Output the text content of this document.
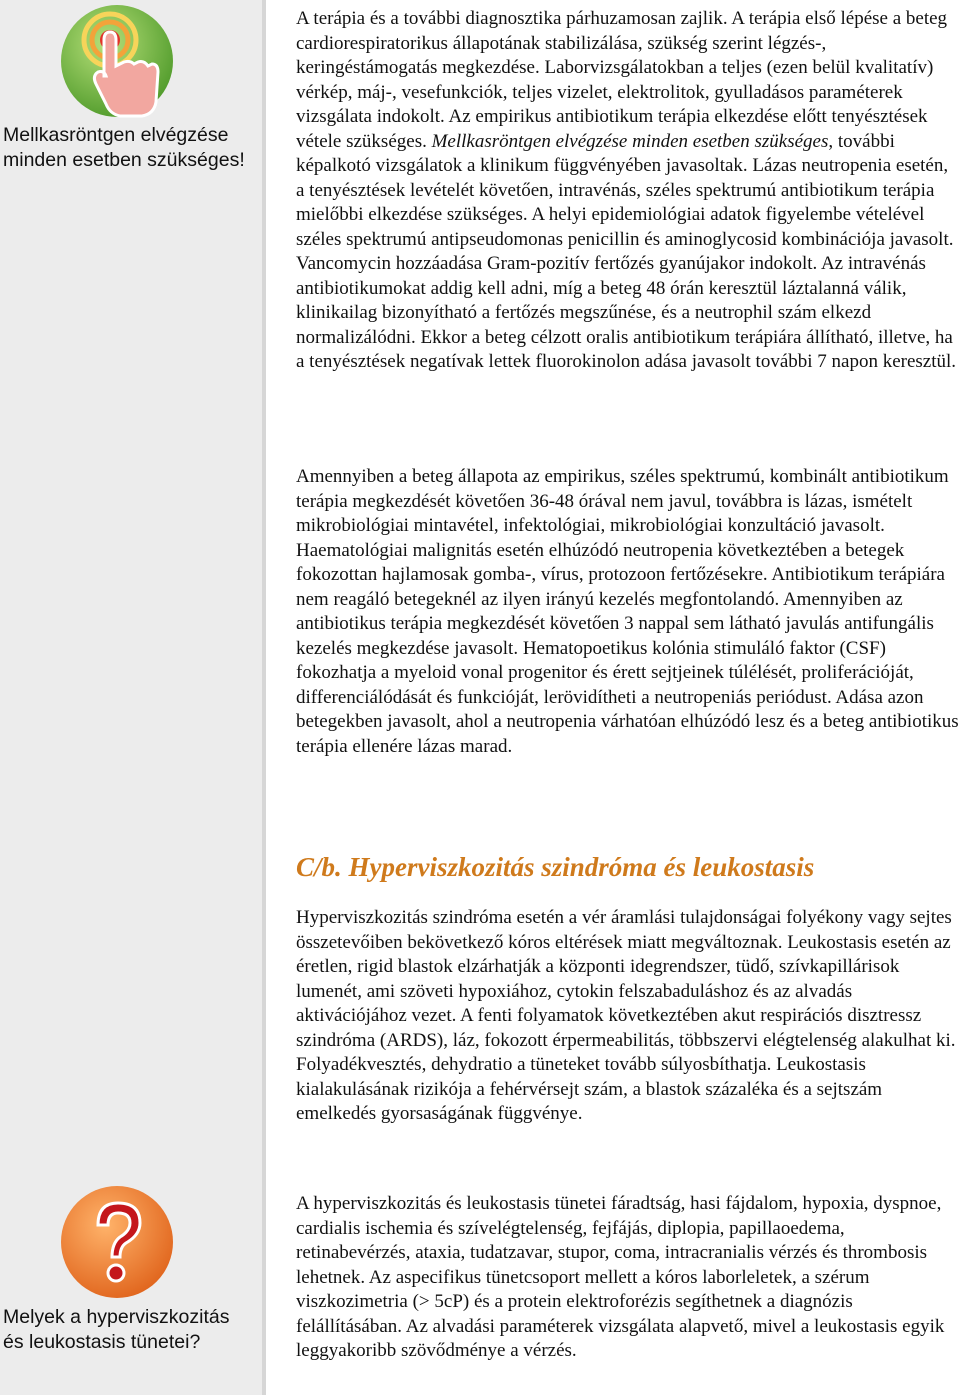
Mellkasröntgen elvégzése minden esetben szükséges!
Melyek a hyperviszkozitás és leukostasis tünetei?

A terápia és a további diagnosztika párhuzamosan zajlik. A terápia első lépése a beteg cardiorespiratorikus állapotának stabilizálása, szükség szerint légzés-, keringéstámogatás megkezdése. Laborvizsgálatokban a teljes (ezen belül kvalitatív) vérkép, máj-, vesefunkciók, teljes vizelet, elektrolitok, gyulladásos paraméterek vizsgálata indokolt. Az empirikus antibiotikum terápia elkezdése előtt tenyésztések vétele szükséges. Mellkasröntgen elvégzése minden esetben szükséges, további képalkotó vizsgálatok a klinikum függvényében javasoltak. Lázas neutropenia esetén, a tenyésztések levételét követően, intravénás, széles spektrumú antibiotikum terápia mielőbbi elkezdése szükséges. A helyi epidemiológiai adatok figyelembe vételével széles spektrumú antipseudomonas penicillin és aminoglycosid kombinációja javasolt. Vancomycin hozzáadása Gram-pozitív fertőzés gyanújakor indokolt. Az intravénás antibiotikumokat addig kell adni, míg a beteg 48 órán keresztül láztalanná válik, klinikailag bizonyítható a fertőzés megszűnése, és a neutrophil szám elkezd normalizálódni. Ekkor a beteg célzott oralis antibiotikum terápiára állítható, illetve, ha a tenyésztések negatívak lettek fluorokinolon adása javasolt további 7 napon keresztül.

Amennyiben a beteg állapota az empirikus, széles spektrumú, kombinált antibiotikum terápia megkezdését követően 36-48 órával nem javul, továbbra is lázas, ismételt mikrobiológiai mintavétel, infektológiai, mikrobiológiai konzultáció javasolt. Haematológiai malignitás esetén elhúzódó neutropenia következtében a betegek fokozottan hajlamosak gomba-, vírus, protozoon fertőzésekre. Antibiotikum terápiára nem reagáló betegeknél az ilyen irányú kezelés megfontolandó. Amennyiben az antibiotikus terápia megkezdését követően 3 nappal sem látható javulás antifungális kezelés megkezdése javasolt. Hematopoetikus kolónia stimuláló faktor (CSF) fokozhatja a myeloid vonal progenitor és érett sejtjeinek túlélését, proliferációját, differenciálódását és funkcióját, lerövidítheti a neutropeniás periódust. Adása azon betegekben javasolt, ahol a neutropenia várhatóan elhúzódó lesz és a beteg antibiotikus terápia ellenére lázas marad.

C/b. Hyperviszkozitás szindróma és leukostasis

Hyperviszkozitás szindróma esetén a vér áramlási tulajdonságai folyékony vagy sejtes összetevőiben bekövetkező kóros eltérések miatt megváltoznak. Leukostasis esetén az éretlen, rigid blastok elzárhatják a központi idegrendszer, tüdő, szívkapillárisok lumenét, ami szöveti hypoxiához, cytokin felszabaduláshoz és az alvadás aktivációjához vezet. A fenti folyamatok következtében akut respirációs disztressz szindróma (ARDS), láz, fokozott érpermeabilitás, többszervi elégtelenség alakulhat ki. Folyadékvesztés, dehydratio a tüneteket tovább súlyosbíthatja. Leukostasis kialakulásának rizikója a fehérvérsejt szám, a blastok százaléka és a sejtszám emelkedés gyorsaságának függvénye.

A hyperviszkozitás és leukostasis tünetei fáradtság, hasi fájdalom, hypoxia, dyspnoe, cardialis ischemia és szívelégtelenség, fejfájás, diplopia, papillaoedema, retinabevérzés, ataxia, tudatzavar, stupor, coma, intracranialis vérzés és thrombosis lehetnek. Az aspecifikus tünetcsoport mellett a kóros laborleletek, a szérum viszkozimetria (> 5cP) és a protein elektroforézis segíthetnek a diagnózis felállításában. Az alvadási paraméterek vizsgálata alapvető, mivel a leukostasis egyik leggyakoribb szövődménye a vérzés.
